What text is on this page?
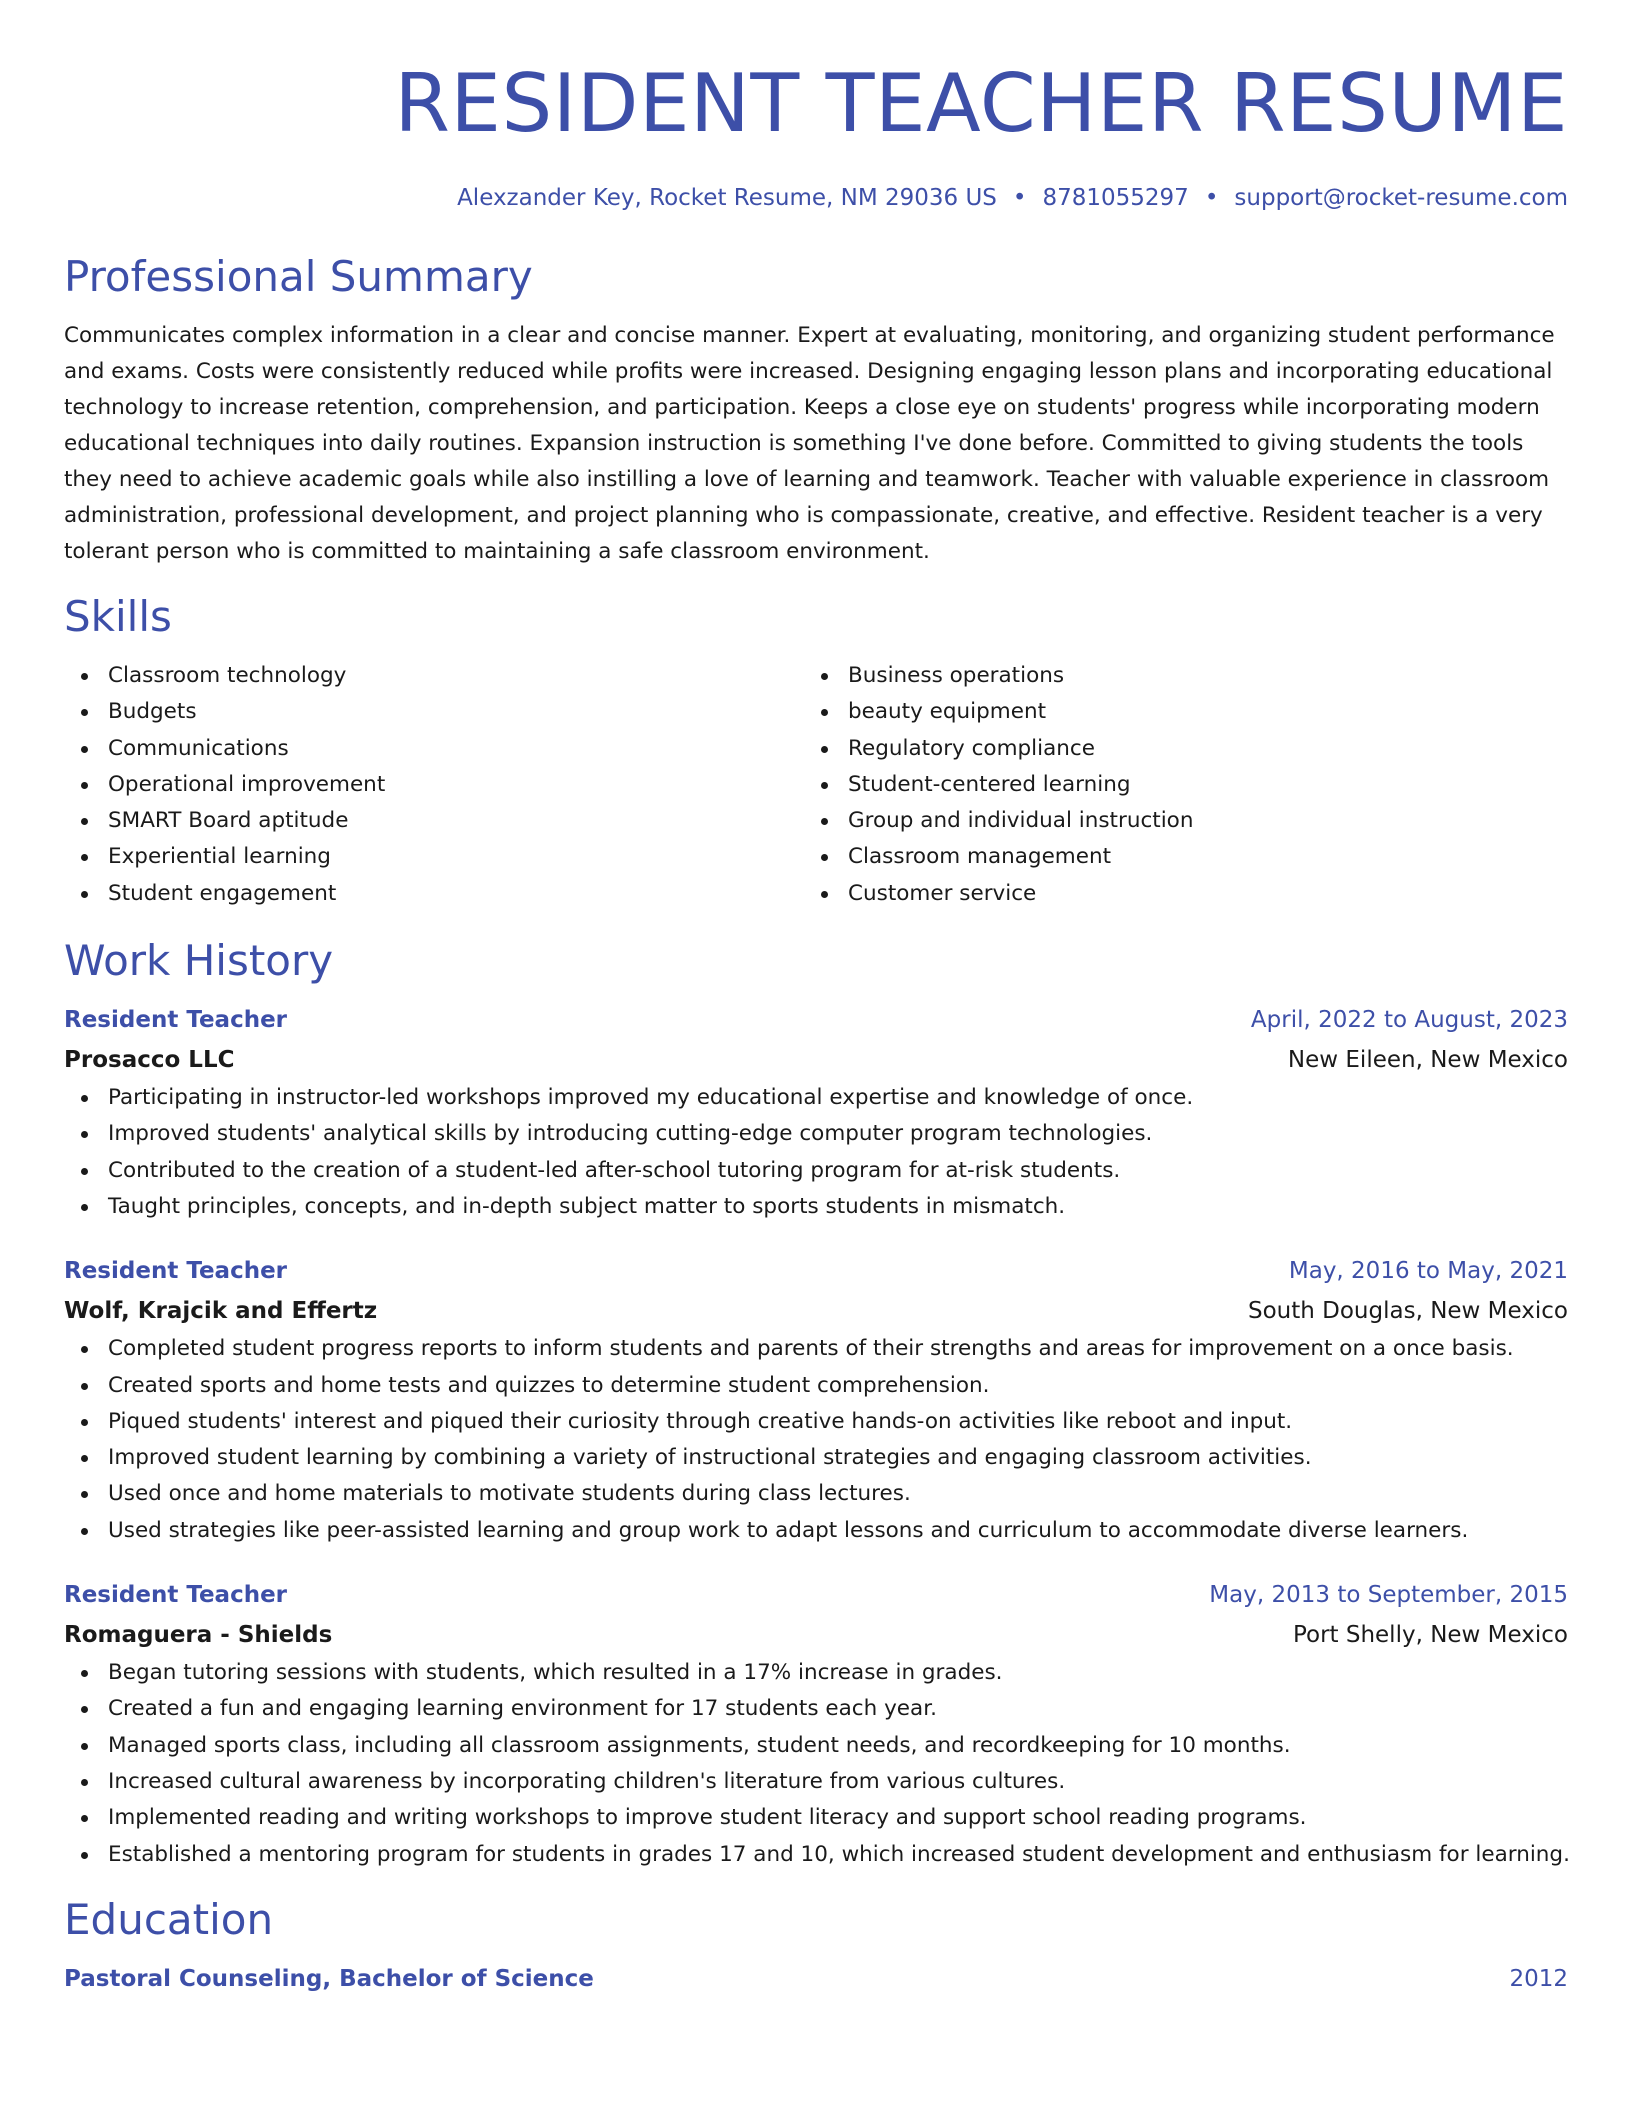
RESIDENT TEACHER RESUME
Alexzander Key, Rocket Resume, NM 29036 US • 8781055297 • support@rocket-resume.com
Professional Summary

Communicates complex information in a clear and concise manner. Expert at evaluating, monitoring, and organizing student performance and exams. Costs were consistently reduced while profits were increased. Designing engaging lesson plans and incorporating educational technology to increase retention, comprehension, and participation. Keeps a close eye on students' progress while incorporating modern educational techniques into daily routines. Expansion instruction is something I've done before. Committed to giving students the tools they need to achieve academic goals while also instilling a love of learning and teamwork. Teacher with valuable experience in classroom administration, professional development, and project planning who is compassionate, creative, and effective. Resident teacher is a very tolerant person who is committed to maintaining a safe classroom environment.

Skills
Classroom technology
Budgets
Communications
Operational improvement
SMART Board aptitude
Experiential learning
Student engagement
Business operations
beauty equipment
Regulatory compliance
Student-centered learning
Group and individual instruction
Classroom management
Customer service
Work History
Resident Teacher	April, 2022 to August, 2023
Prosacco LLC	New Eileen, New Mexico
Participating in instructor-led workshops improved my educational expertise and knowledge of once.
Improved students' analytical skills by introducing cutting-edge computer program technologies.
Contributed to the creation of a student-led after-school tutoring program for at-risk students.
Taught principles, concepts, and in-depth subject matter to sports students in mismatch.
Resident Teacher	May, 2016 to May, 2021
Wolf, Krajcik and Effertz	South Douglas, New Mexico
Completed student progress reports to inform students and parents of their strengths and areas for improvement on a once basis.
Created sports and home tests and quizzes to determine student comprehension.
Piqued students' interest and piqued their curiosity through creative hands-on activities like reboot and input.
Improved student learning by combining a variety of instructional strategies and engaging classroom activities.
Used once and home materials to motivate students during class lectures.
Used strategies like peer-assisted learning and group work to adapt lessons and curriculum to accommodate diverse learners.
Resident Teacher	May, 2013 to September, 2015
Romaguera - Shields	Port Shelly, New Mexico
Began tutoring sessions with students, which resulted in a 17% increase in grades.
Created a fun and engaging learning environment for 17 students each year.
Managed sports class, including all classroom assignments, student needs, and recordkeeping for 10 months.
Increased cultural awareness by incorporating children's literature from various cultures.
Implemented reading and writing workshops to improve student literacy and support school reading programs.
Established a mentoring program for students in grades 17 and 10, which increased student development and enthusiasm for learning.
Education
Pastoral Counseling, Bachelor of Science	2012
